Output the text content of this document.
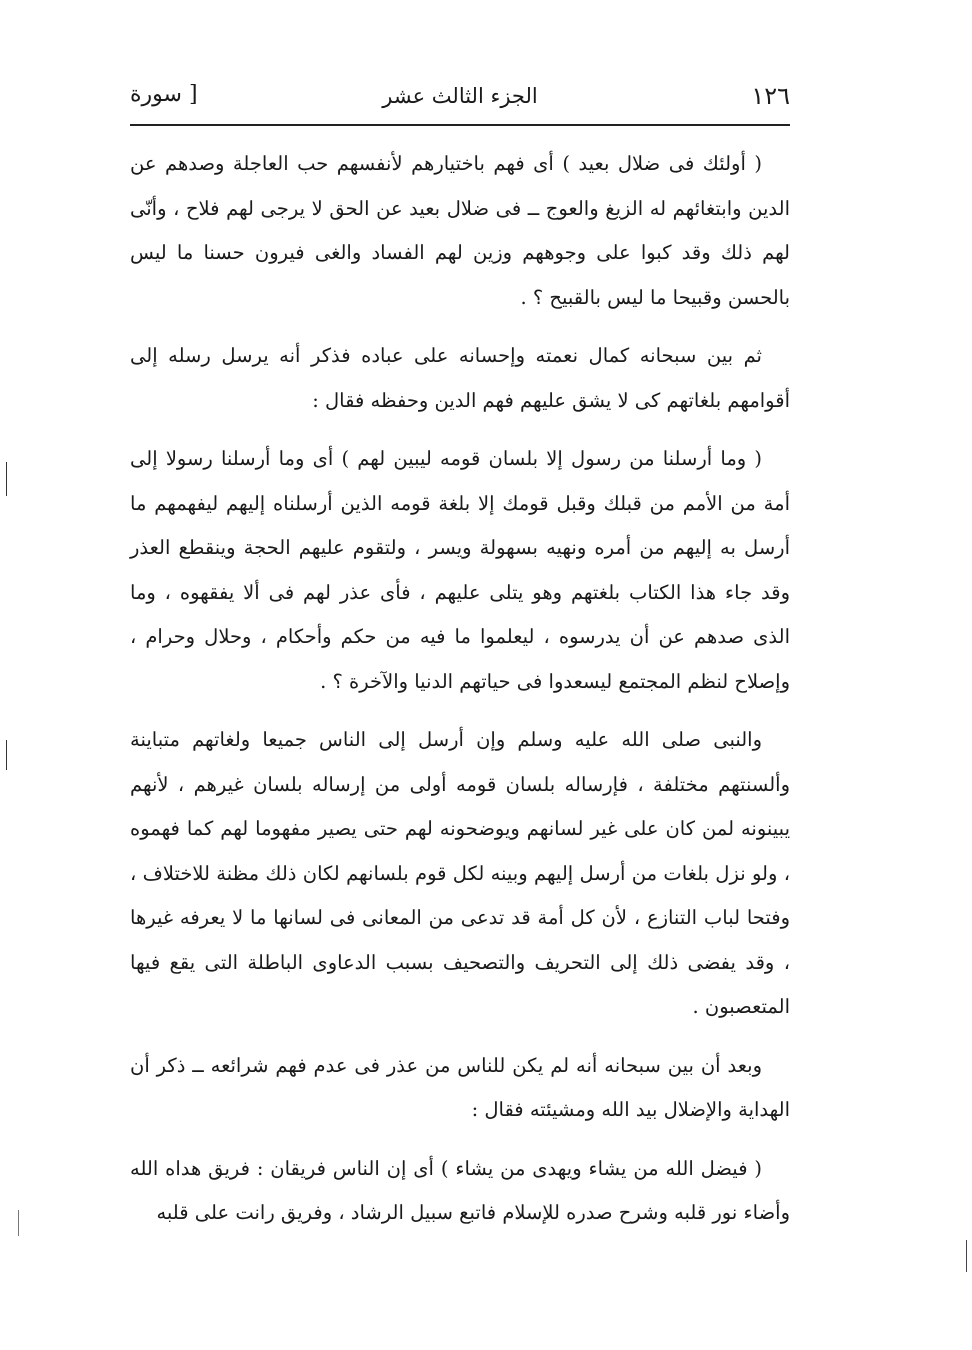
١٢٦
الجزء الثالث عشر
[ سورة

( أولئك فى ضلال بعيد ) أى فهم باختيارهم لأنفسهم حب العاجلة وصدهم عن الدين وابتغائهم له الزيغ والعوج ــ فى ضلال بعيد عن الحق لا يرجى لهم فلاح ، وأنّى لهم ذلك وقد كبوا على وجوههم وزين لهم الفساد والغى فيرون حسنا ما ليس بالحسن وقبيحا ما ليس بالقبيح ؟ .

ثم بين سبحانه كمال نعمته وإحسانه على عباده فذكر أنه يرسل رسله إلى أقوامهم بلغاتهم كى لا يشق عليهم فهم الدين وحفظه فقال :

( وما أرسلنا من رسول إلا بلسان قومه ليبين لهم ) أى وما أرسلنا رسولا إلى أمة من الأمم من قبلك وقبل قومك إلا بلغة قومه الذين أرسلناه إليهم ليفهمهم ما أرسل به إليهم من أمره ونهيه بسهولة ويسر ، ولتقوم عليهم الحجة وينقطع العذر وقد جاء هذا الكتاب بلغتهم وهو يتلى عليهم ، فأى عذر لهم فى ألا يفقهوه ، وما الذى صدهم عن أن يدرسوه ، ليعلموا ما فيه من حكم وأحكام ، وحلال وحرام ، وإصلاح لنظم المجتمع ليسعدوا فى حياتهم الدنيا والآخرة ؟ .

والنبى صلى الله عليه وسلم وإن أرسل إلى الناس جميعا ولغاتهم متباينة وألسنتهم مختلفة ، فإرساله بلسان قومه أولى من إرساله بلسان غيرهم ، لأنهم يبينونه لمن كان على غير لسانهم ويوضحونه لهم حتى يصير مفهوما لهم كما فهموه ، ولو نزل بلغات من أرسل إليهم وبينه لكل قوم بلسانهم لكان ذلك مظنة للاختلاف ، وفتحا لباب التنازع ، لأن كل أمة قد تدعى من المعانى فى لسانها ما لا يعرفه غيرها ، وقد يفضى ذلك إلى التحريف والتصحيف بسبب الدعاوى الباطلة التى يقع فيها المتعصبون .

وبعد أن بين سبحانه أنه لم يكن للناس من عذر فى عدم فهم شرائعه ــ ذكر أن الهداية والإضلال بيد الله ومشيئته فقال :

( فيضل الله من يشاء ويهدى من يشاء ) أى إن الناس فريقان : فريق هداه الله وأضاء نور قلبه وشرح صدره للإسلام فاتبع سبيل الرشاد ، وفريق رانت على قلبه
